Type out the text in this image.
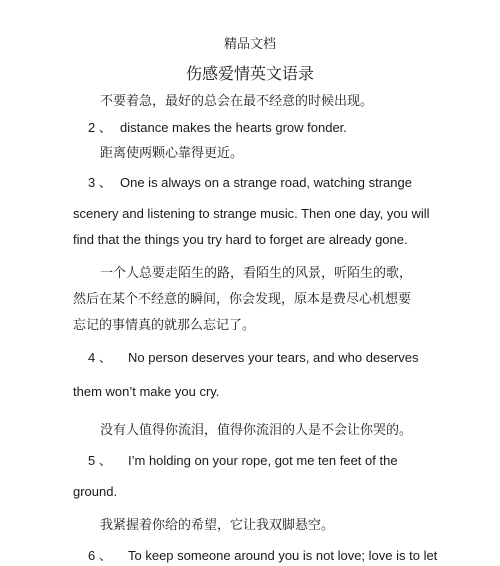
精品文档
伤感爱情英文语录
不要着急，最好的总会在最不经意的时候出现。
2 、 distance makes the hearts grow fonder.
距离使两颗心靠得更近。
3 、 One is always on a strange road, watching strange
scenery and listening to strange music. Then one day, you will
find that the things you try hard to forget are already gone.
一个人总要走陌生的路，看陌生的风景，听陌生的歌，
然后在某个不经意的瞬间，你会发现，原本是费尽心机想要
忘记的事情真的就那么忘记了。
4 、 No person deserves your tears, and who deserves
them won’t make you cry.
没有人值得你流泪，值得你流泪的人是不会让你哭的。
5 、 I’m holding on your rope, got me ten feet of the
ground.
我紧握着你给的希望，它让我双脚悬空。
6 、 To keep someone around you is not love; love is to let
